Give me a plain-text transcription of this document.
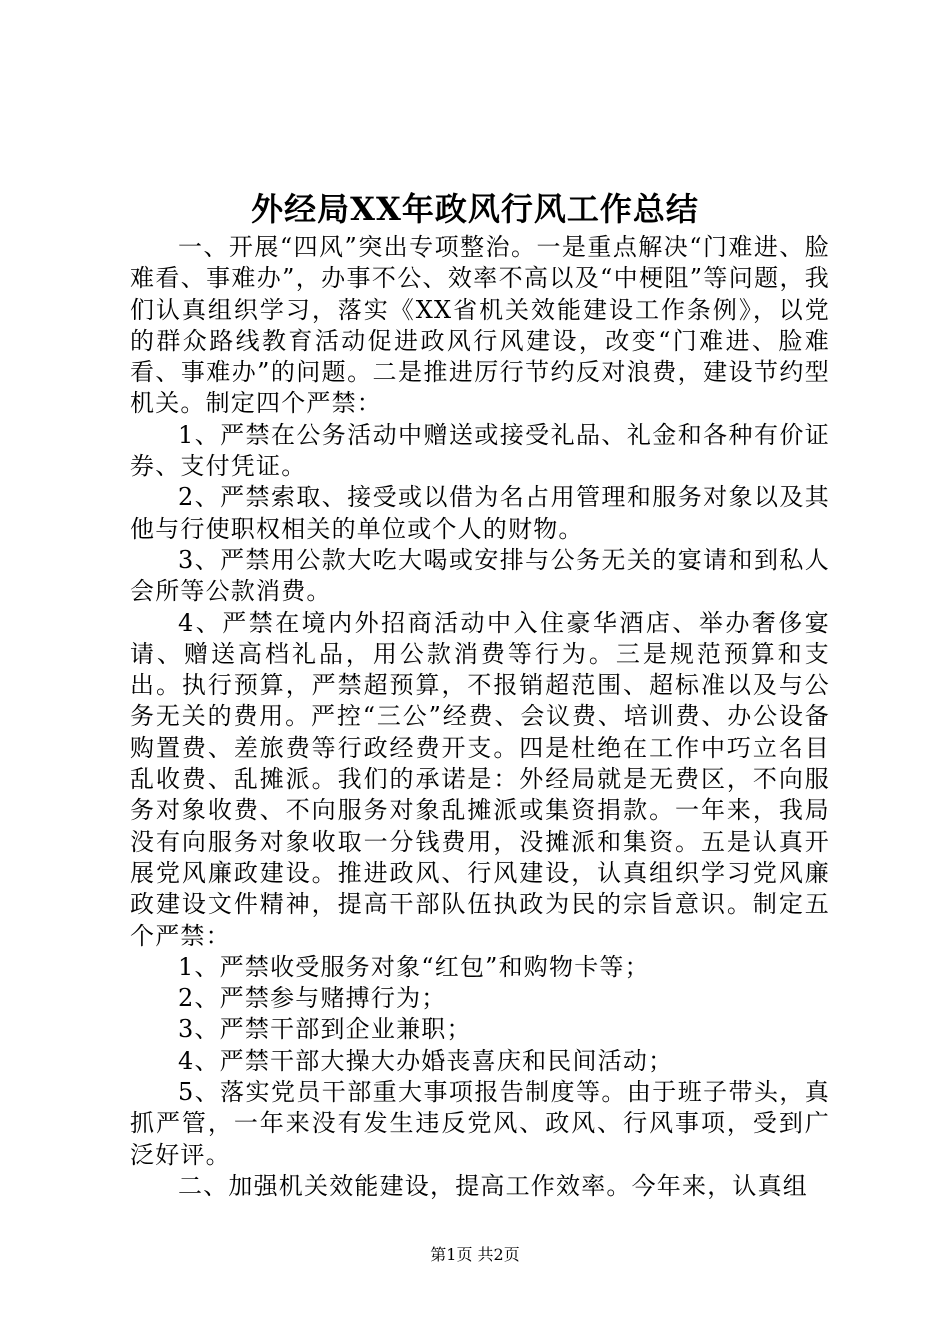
外经局XX年政风行风工作总结

一、开展“四风”突出专项整治。一是重点解决“门难进、脸难看、事难办”，办事不公、效率不高以及“中梗阻”等问题，我们认真组织学习，落实《XX省机关效能建设工作条例》，以党的群众路线教育活动促进政风行风建设，改变“门难进、脸难看、事难办”的问题。二是推进厉行节约反对浪费，建设节约型机关。制定四个严禁：

1、严禁在公务活动中赠送或接受礼品、礼金和各种有价证券、支付凭证。

2、严禁索取、接受或以借为名占用管理和服务对象以及其他与行使职权相关的单位或个人的财物。

3、严禁用公款大吃大喝或安排与公务无关的宴请和到私人会所等公款消费。

4、严禁在境内外招商活动中入住豪华酒店、举办奢侈宴请、赠送高档礼品，用公款消费等行为。三是规范预算和支出。执行预算，严禁超预算，不报销超范围、超标准以及与公务无关的费用。严控“三公”经费、会议费、培训费、办公设备购置费、差旅费等行政经费开支。四是杜绝在工作中巧立名目乱收费、乱摊派。我们的承诺是：外经局就是无费区，不向服务对象收费、不向服务对象乱摊派或集资捐款。一年来，我局没有向服务对象收取一分钱费用，没摊派和集资。五是认真开展党风廉政建设。推进政风、行风建设，认真组织学习党风廉政建设文件精神，提高干部队伍执政为民的宗旨意识。制定五个严禁：

1、严禁收受服务对象“红包”和购物卡等；

2、严禁参与赌搏行为；

3、严禁干部到企业兼职；

4、严禁干部大操大办婚丧喜庆和民间活动；

5、落实党员干部重大事项报告制度等。由于班子带头，真抓严管，一年来没有发生违反党风、政风、行风事项，受到广泛好评。

二、加强机关效能建设，提高工作效率。今年来，认真组

第1页 共2页
